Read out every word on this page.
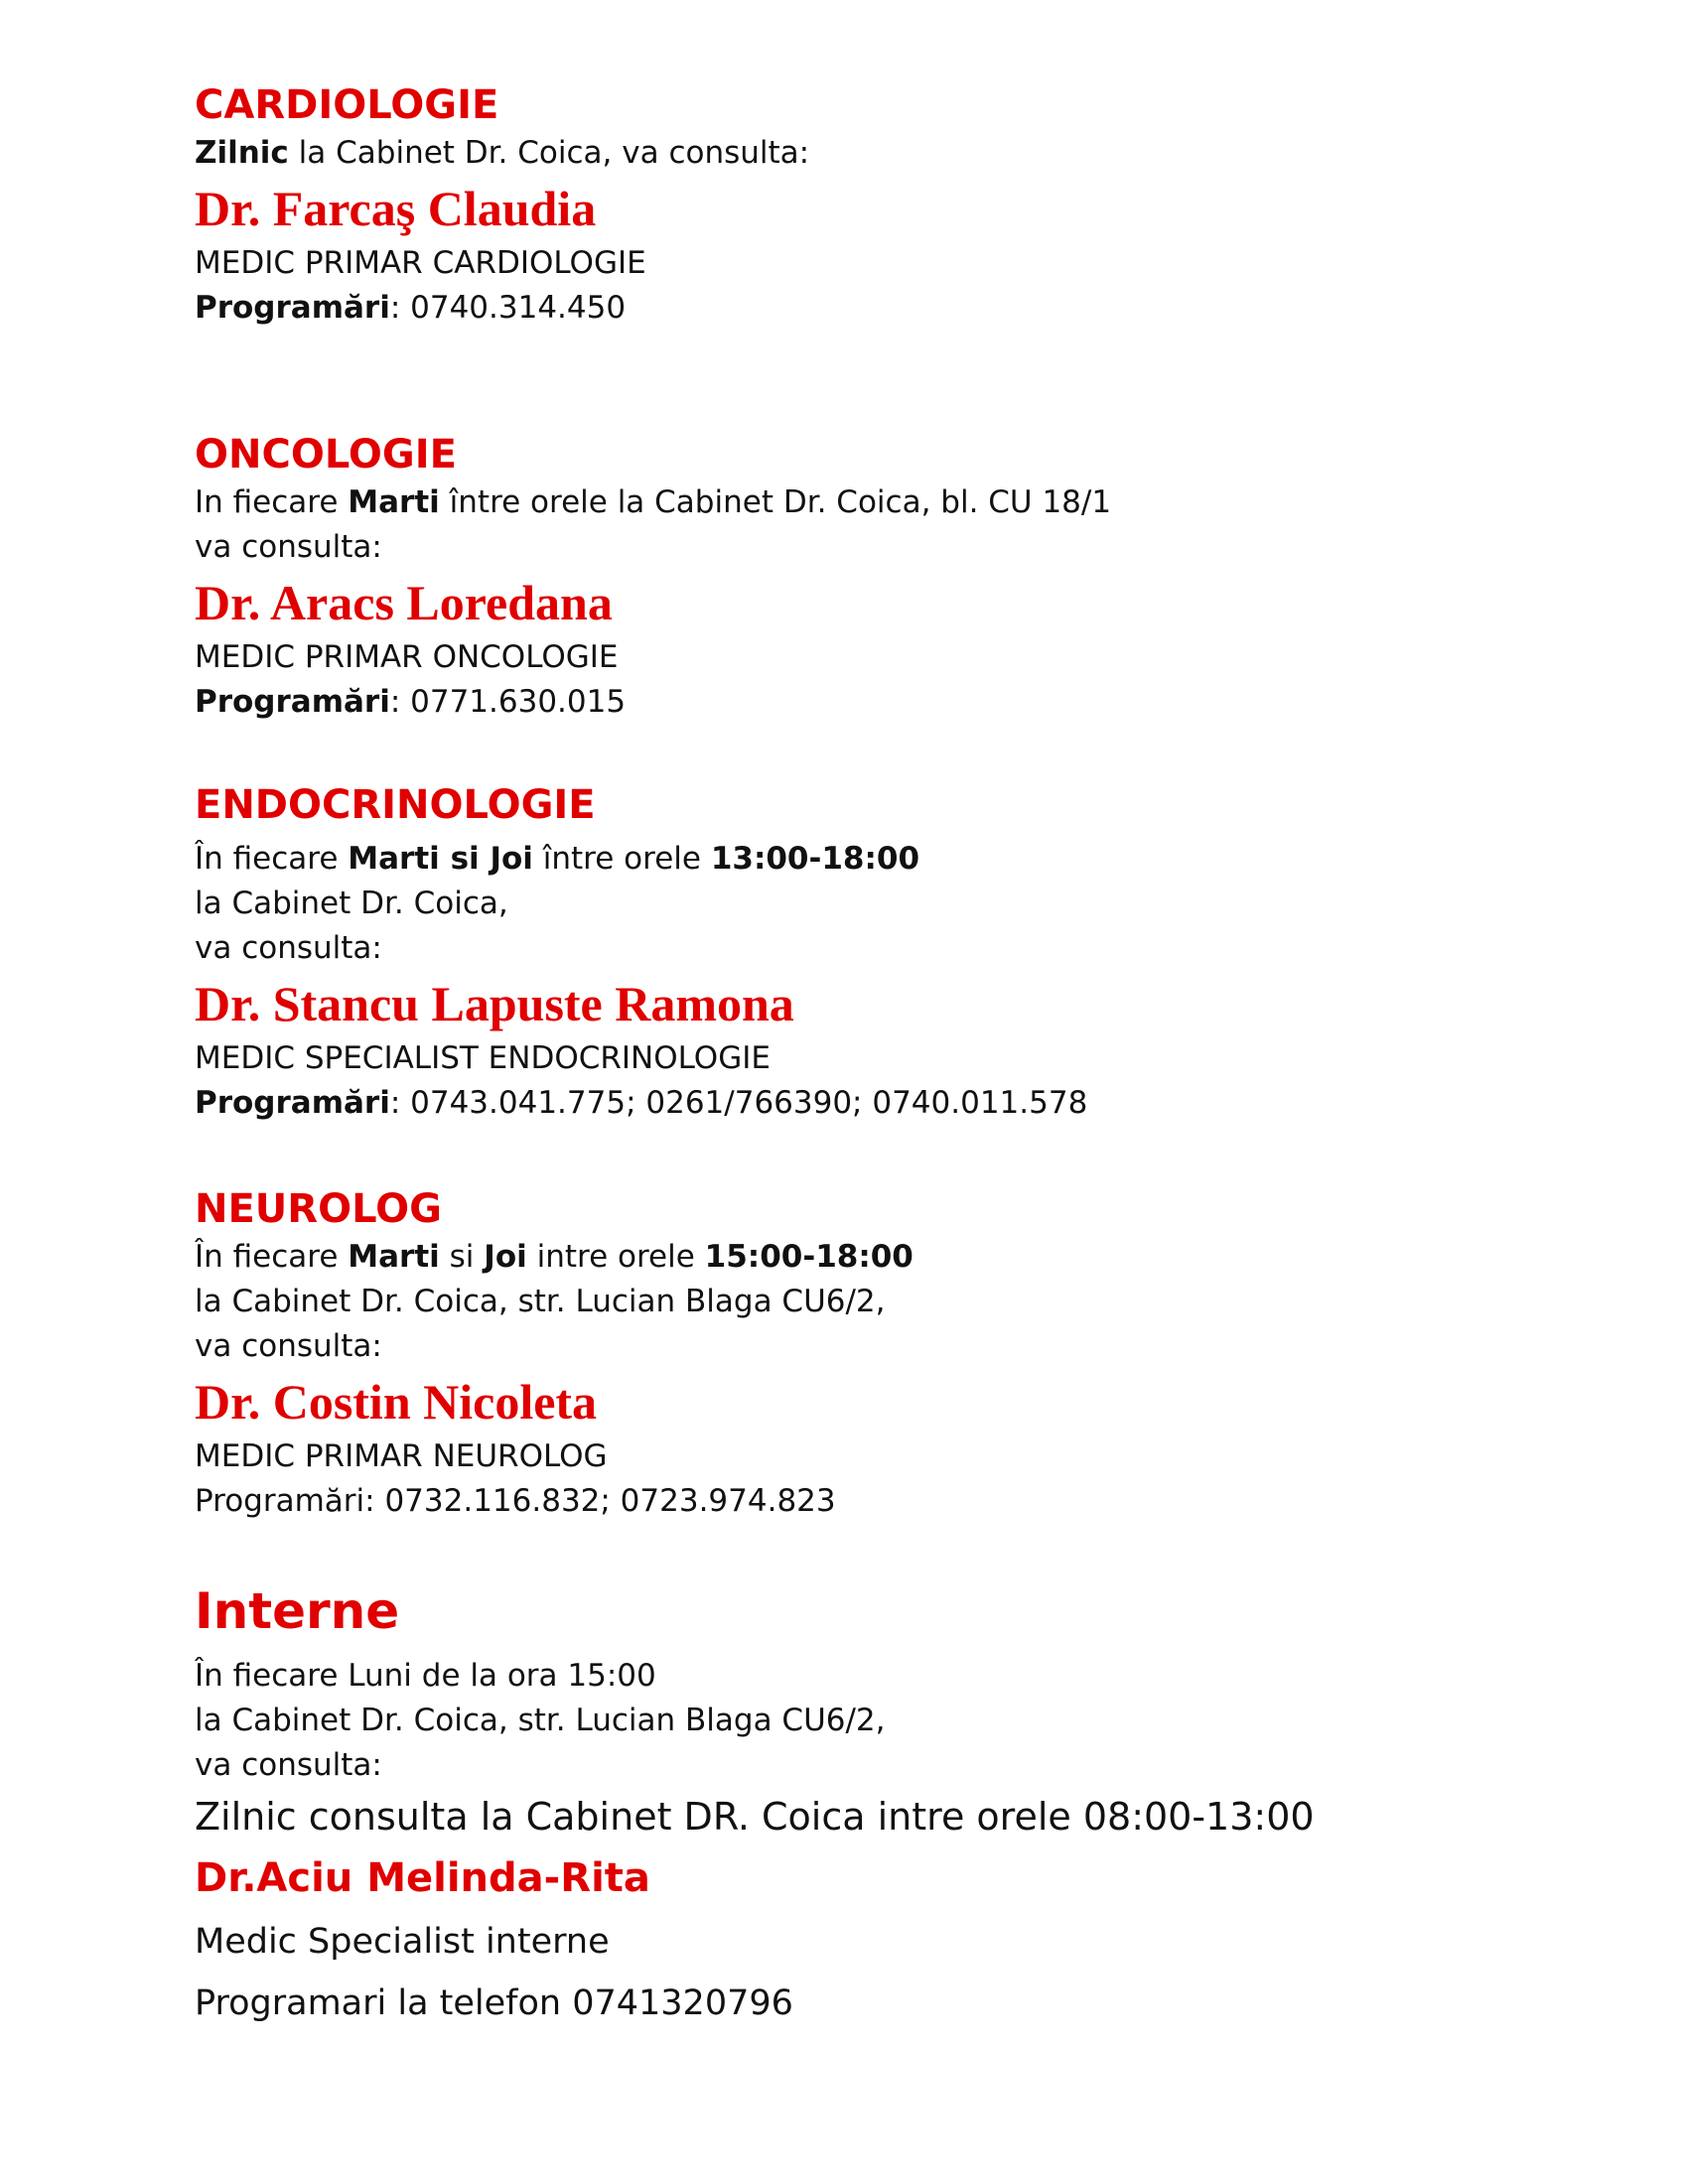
CARDIOLOGIE
Zilnic la Cabinet Dr. Coica, va consulta:
Dr. Farcaş Claudia
MEDIC PRIMAR CARDIOLOGIE
Programări: 0740.314.450
ONCOLOGIE
In fiecare Marti între orele la Cabinet Dr. Coica, bl. CU 18/1
va consulta:
Dr. Aracs Loredana
MEDIC PRIMAR ONCOLOGIE
Programări: 0771.630.015
ENDOCRINOLOGIE
În fiecare Marti si Joi între orele 13:00-18:00
la Cabinet Dr. Coica,
va consulta:
Dr. Stancu Lapuste Ramona
MEDIC SPECIALIST ENDOCRINOLOGIE
Programări: 0743.041.775; 0261/766390; 0740.011.578
NEUROLOG
În fiecare Marti si Joi intre orele 15:00-18:00
la Cabinet Dr. Coica, str. Lucian Blaga CU6/2,
va consulta:
Dr. Costin Nicoleta
MEDIC PRIMAR NEUROLOG
Programări: 0732.116.832; 0723.974.823
Interne
În fiecare Luni de la ora 15:00
la Cabinet Dr. Coica, str. Lucian Blaga CU6/2,
va consulta:
Zilnic consulta la Cabinet DR. Coica intre orele 08:00-13:00
Dr.Aciu Melinda-Rita
Medic Specialist interne
Programari la telefon 0741320796
